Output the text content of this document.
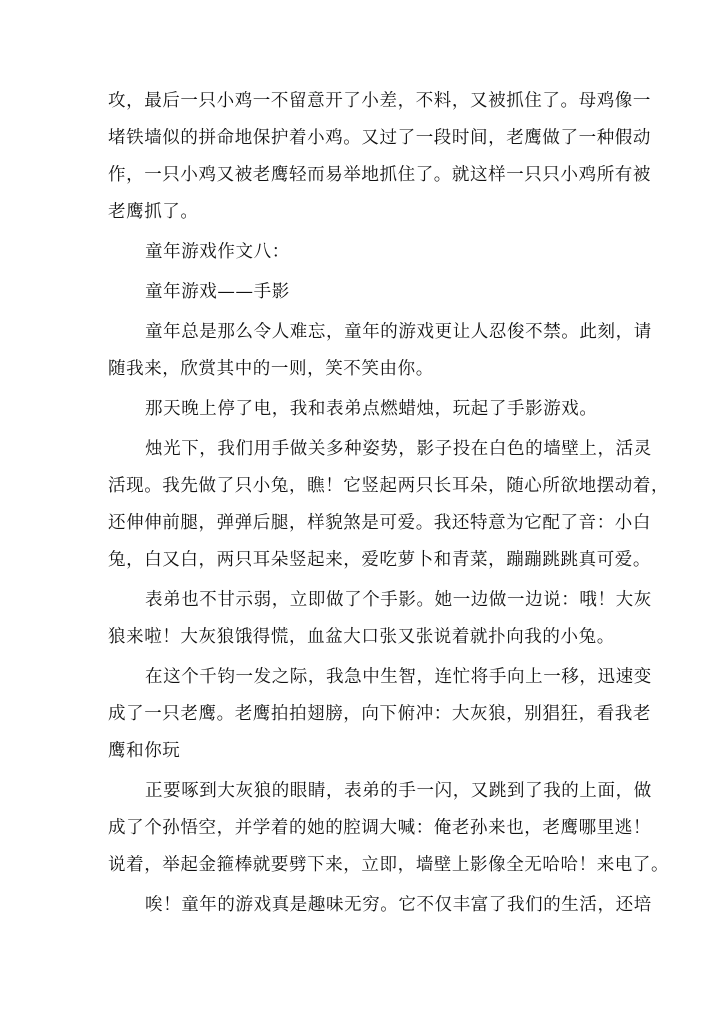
攻，最后一只小鸡一不留意开了小差，不料，又被抓住了。母鸡像一
堵铁墙似的拼命地保护着小鸡。又过了一段时间，老鹰做了一种假动
作，一只小鸡又被老鹰轻而易举地抓住了。就这样一只只小鸡所有被
老鹰抓了。
童年游戏作文八：
童年游戏——手影
童年总是那么令人难忘，童年的游戏更让人忍俊不禁。此刻，请
随我来，欣赏其中的一则，笑不笑由你。
那天晚上停了电，我和表弟点燃蜡烛，玩起了手影游戏。
烛光下，我们用手做关多种姿势，影子投在白色的墙壁上，活灵
活现。我先做了只小兔，瞧！它竖起两只长耳朵，随心所欲地摆动着，
还伸伸前腿，弹弹后腿，样貌煞是可爱。我还特意为它配了音：小白
兔，白又白，两只耳朵竖起来，爱吃萝卜和青菜，蹦蹦跳跳真可爱。
表弟也不甘示弱，立即做了个手影。她一边做一边说：哦！大灰
狼来啦！大灰狼饿得慌，血盆大口张又张说着就扑向我的小兔。
在这个千钧一发之际，我急中生智，连忙将手向上一移，迅速变
成了一只老鹰。老鹰拍拍翅膀，向下俯冲：大灰狼，别猖狂，看我老
鹰和你玩
正要啄到大灰狼的眼睛，表弟的手一闪，又跳到了我的上面，做
成了个孙悟空，并学着的她的腔调大喊：俺老孙来也，老鹰哪里逃！
说着，举起金箍棒就要劈下来，立即，墙壁上影像全无哈哈！来电了。
唉！童年的游戏真是趣味无穷。它不仅丰富了我们的生活，还培
